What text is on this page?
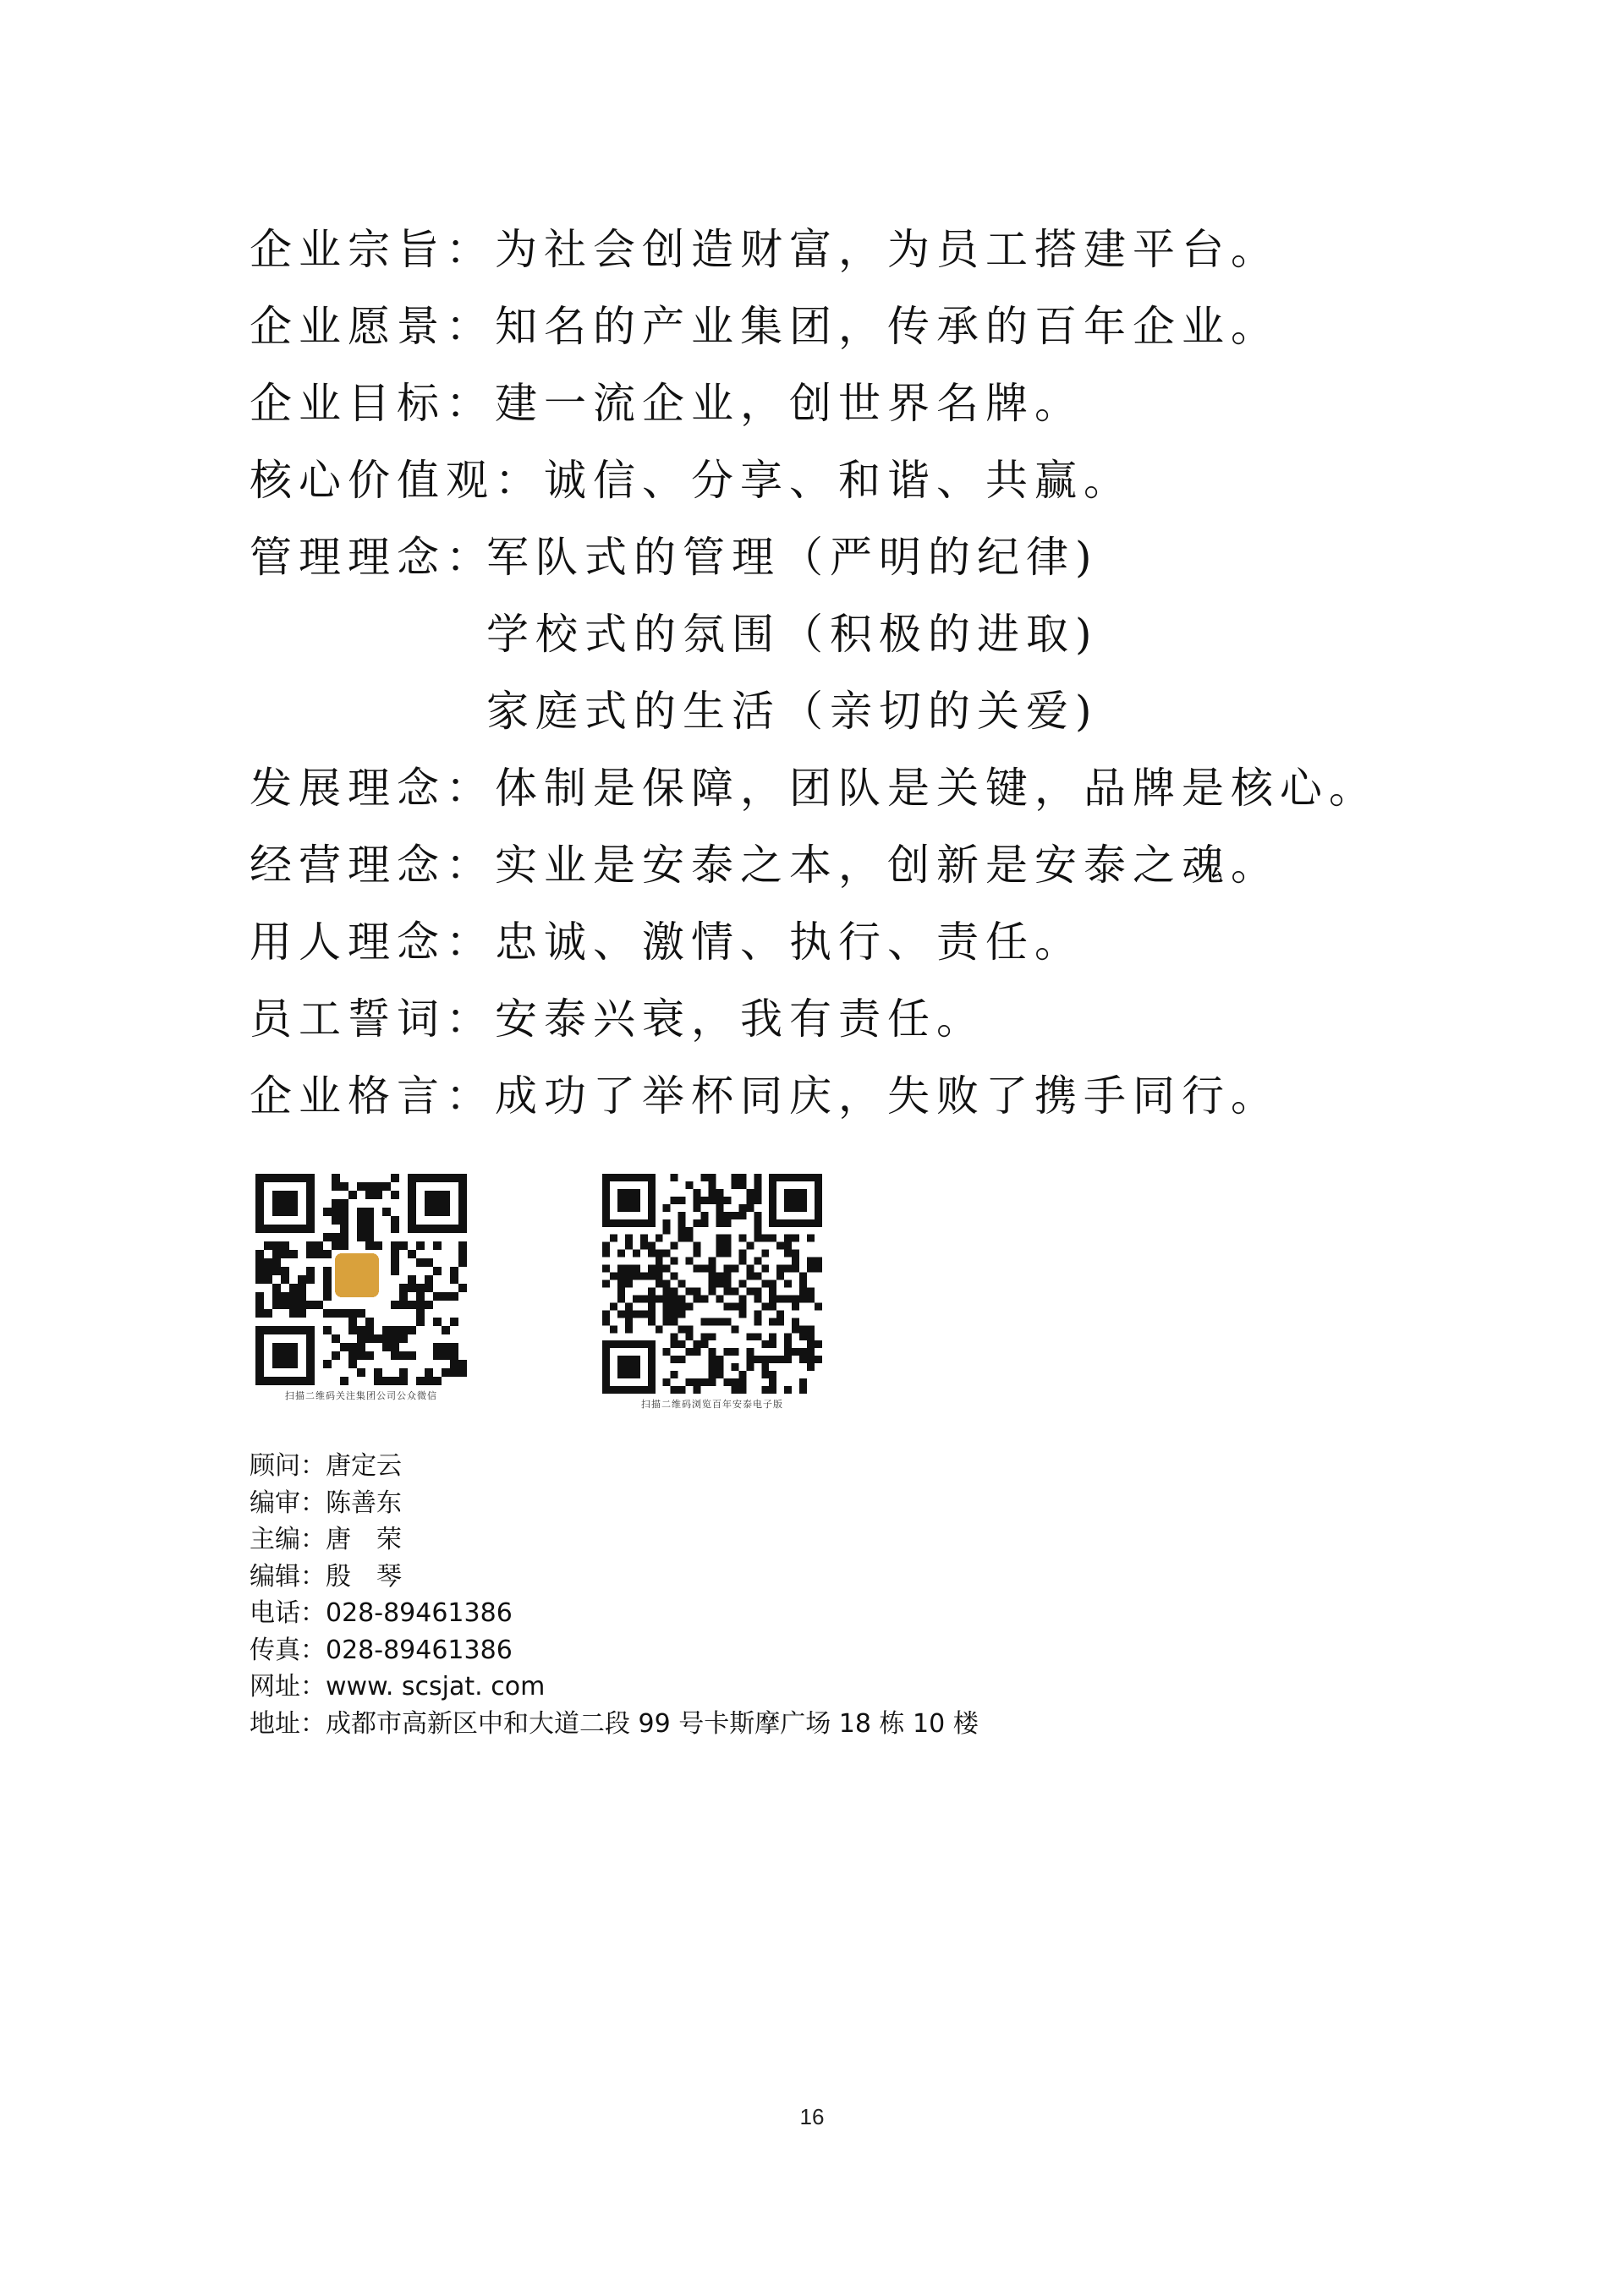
企业宗旨：为社会创造财富，为员工搭建平台。
企业愿景：知名的产业集团，传承的百年企业。
企业目标：建一流企业，创世界名牌。
核心价值观：诚信、分享、和谐、共赢。
管理理念：军队式的管理（严明的纪律)
学校式的氛围（积极的进取)
家庭式的生活（亲切的关爱)
发展理念：体制是保障，团队是关键，品牌是核心。
经营理念：实业是安泰之本，创新是安泰之魂。
用人理念：忠诚、激情、执行、责任。
员工誓词：安泰兴衰，我有责任。
企业格言：成功了举杯同庆，失败了携手同行。
扫描二维码关注集团公司公众微信
扫描二维码浏览百年安泰电子版
顾问：唐定云
编审：陈善东
主编：唐　荣
编辑：殷　琴
电话：028-89461386
传真：028-89461386
网址：www. scsjat. com
地址：成都市高新区中和大道二段 99 号卡斯摩广场 18 栋 10 楼
16
